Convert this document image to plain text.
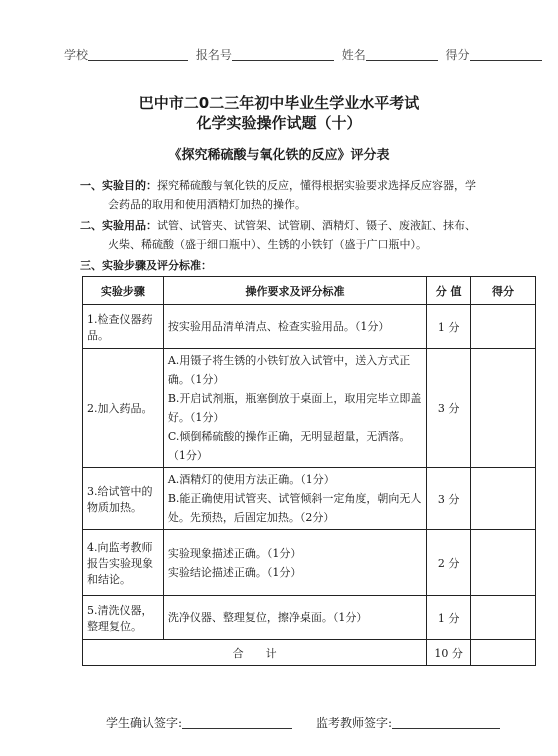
学校	报名号	姓名	得分
巴中市二0二三年初中毕业生学业水平考试
化学实验操作试题（十）
《探究稀硫酸与氧化铁的反应》评分表
一、实验目的：探究稀硫酸与氧化铁的反应，懂得根据实验要求选择反应容器，学
会药品的取用和使用酒精灯加热的操作。
二、实验用品：试管、试管夹、试管架、试管刷、酒精灯、镊子、废液缸、抹布、
火柴、稀硫酸（盛于细口瓶中）、生锈的小铁钉（盛于广口瓶中）。
三、实验步骤及评分标准：
实验步骤	操作要求及评分标准	分 值	得分
1.检查仪器药品。	按实验用品清单清点、检查实验用品。（1分）	1 分	
2.加入药品。	A.用镊子将生锈的小铁钉放入试管中，送入方式正确。（1分）
B.开启试剂瓶，瓶塞倒放于桌面上，取用完毕立即盖好。（1分）
C.倾倒稀硫酸的操作正确，无明显超量，无洒落。（1分）	3 分	
3.给试管中的物质加热。	A.酒精灯的使用方法正确。（1分）
B.能正确使用试管夹、试管倾斜一定角度，朝向无人处。先预热，后固定加热。（2分）	3 分	
4.向监考教师报告实验现象和结论。	实验现象描述正确。（1分）
实验结论描述正确。（1分）	2 分	
5.清洗仪器，整理复位。	洗净仪器、整理复位，擦净桌面。（1分）	1 分	
合　　计		10 分	
学生确认签字:	监考教师签字:
